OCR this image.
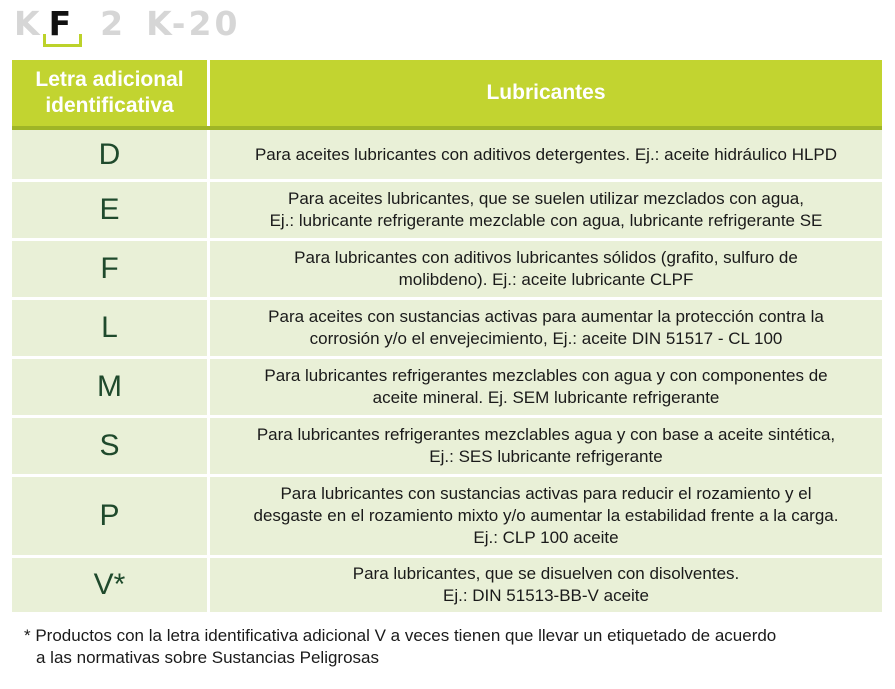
K F 2 K-20
Letra adicional
identificativa	Lubricantes

D	Para aceites lubricantes con aditivos detergentes. Ej.: aceite hidráulico HLPD
E	Para aceites lubricantes, que se suelen utilizar mezclados con agua,
Ej.: lubricante refrigerante mezclable con agua, lubricante refrigerante SE
F	Para lubricantes con aditivos lubricantes sólidos (grafito, sulfuro de
molibdeno). Ej.: aceite lubricante CLPF
L	Para aceites con sustancias activas para aumentar la protección contra la
corrosión y/o el envejecimiento, Ej.: aceite DIN 51517 - CL 100
M	Para lubricantes refrigerantes mezclables con agua y con componentes de
aceite mineral. Ej. SEM lubricante refrigerante
S	Para lubricantes refrigerantes mezclables agua y con base a aceite sintética,
Ej.: SES lubricante refrigerante
P	Para lubricantes con sustancias activas para reducir el rozamiento y el
desgaste en el rozamiento mixto y/o aumentar la estabilidad frente a la carga.
Ej.: CLP 100 aceite
V*	Para lubricantes, que se disuelven con disolventes.
Ej.: DIN 51513-BB-V aceite
* Productos con la letra identificativa adicional V a veces tienen que llevar un etiquetado de acuerdo
a las normativas sobre Sustancias Peligrosas
